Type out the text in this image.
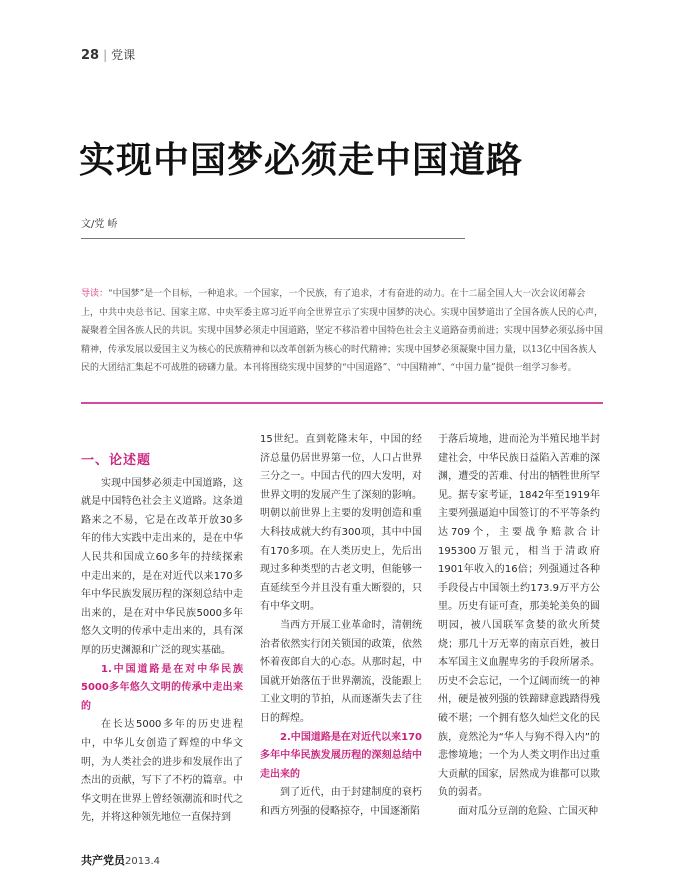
28 | 党课
实现中国梦必须走中国道路
文/党 峤
导读：“中国梦”是一个目标，一种追求。一个国家，一个民族，有了追求，才有奋进的动力。在十二届全国人大一次会议闭幕会上，中共中央总书记、国家主席、中央军委主席习近平向全世界宣示了实现中国梦的决心。实现中国梦道出了全国各族人民的心声，凝聚着全国各族人民的共识。实现中国梦必须走中国道路，坚定不移沿着中国特色社会主义道路奋勇前进；实现中国梦必须弘扬中国精神，传承发展以爱国主义为核心的民族精神和以改革创新为核心的时代精神；实现中国梦必须凝聚中国力量，以13亿中国各族人民的大团结汇集起不可战胜的磅礴力量。本刊将围绕实现中国梦的“中国道路”、“中国精神”、“中国力量”提供一组学习参考。
一、论述题

实现中国梦必须走中国道路，这就是中国特色社会主义道路。这条道路来之不易，它是在改革开放30多年的伟大实践中走出来的，是在中华人民共和国成立60多年的持续探索中走出来的，是在对近代以来170多年中华民族发展历程的深刻总结中走出来的，是在对中华民族5000多年悠久文明的传承中走出来的，具有深厚的历史渊源和广泛的现实基础。

1.中国道路是在对中华民族5000多年悠久文明的传承中走出来的

在长达5000多年的历史进程中，中华儿女创造了辉煌的中华文明，为人类社会的进步和发展作出了杰出的贡献，写下了不朽的篇章。中华文明在世界上曾经领潮流和时代之先，并将这种领先地位一直保持到

15世纪。直到乾隆末年，中国的经济总量仍居世界第一位，人口占世界三分之一。中国古代的四大发明，对世界文明的发展产生了深刻的影响。明朝以前世界上主要的发明创造和重大科技成就大约有300项，其中中国有170多项。在人类历史上，先后出现过多种类型的古老文明，但能够一直延续至今并且没有重大断裂的，只有中华文明。

当西方开展工业革命时，清朝统治者依然实行闭关锁国的政策，依然怀着夜郎自大的心态。从那时起，中国就开始落伍于世界潮流，没能跟上工业文明的节拍，从而逐渐失去了往日的辉煌。

2.中国道路是在对近代以来170多年中华民族发展历程的深刻总结中走出来的

到了近代，由于封建制度的衰朽和西方列强的侵略掠夺，中国逐渐陷

于落后境地，进而沦为半殖民地半封建社会，中华民族日益陷入苦难的深渊，遭受的苦难、付出的牺牲世所罕见。据专家考证，1842年至1919年主要列强逼迫中国签订的不平等条约达709个，主要战争赔款合计195300万银元，相当于清政府1901年收入的16倍；列强通过各种手段侵占中国领土约173.9万平方公里。历史有证可查，那美轮美奂的圆明园，被八国联军贪婪的欲火所焚烧；那几十万无辜的南京百姓，被日本军国主义血腥卑劣的手段所屠杀。历史不会忘记，一个辽阔而统一的神州，硬是被列强的铁蹄肆意践踏得残破不堪；一个拥有悠久灿烂文化的民族，竟然沦为“华人与狗不得入内”的悲惨境地；一个为人类文明作出过重大贡献的国家，居然成为谁都可以欺负的弱者。

面对瓜分豆剖的危险、亡国灭种

共产党员2013.4
